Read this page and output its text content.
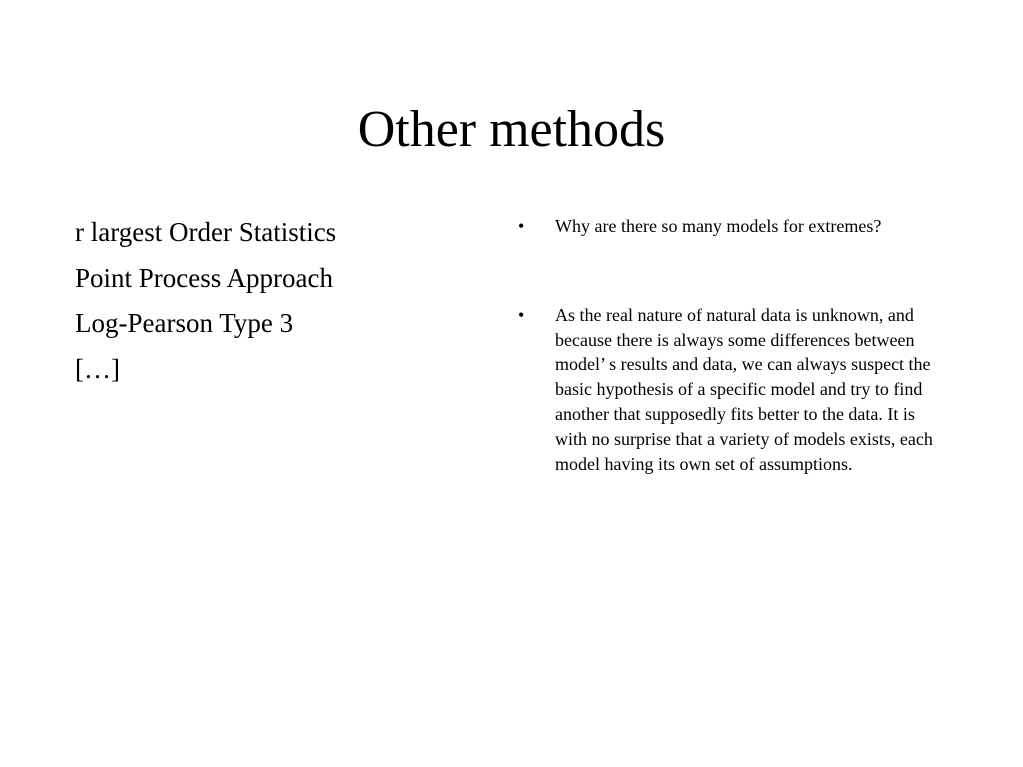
Other methods
r largest Order Statistics
Point Process Approach
Log-Pearson Type 3
[…]
•	Why are there so many models for extremes?
•	As the real nature of natural data is unknown, and because there is always some differences between model’ s results and data, we can always suspect the basic hypothesis of a specific model and try to find another that supposedly fits better to the data. It is with no surprise that a variety of models exists, each model having its own set of assumptions.
